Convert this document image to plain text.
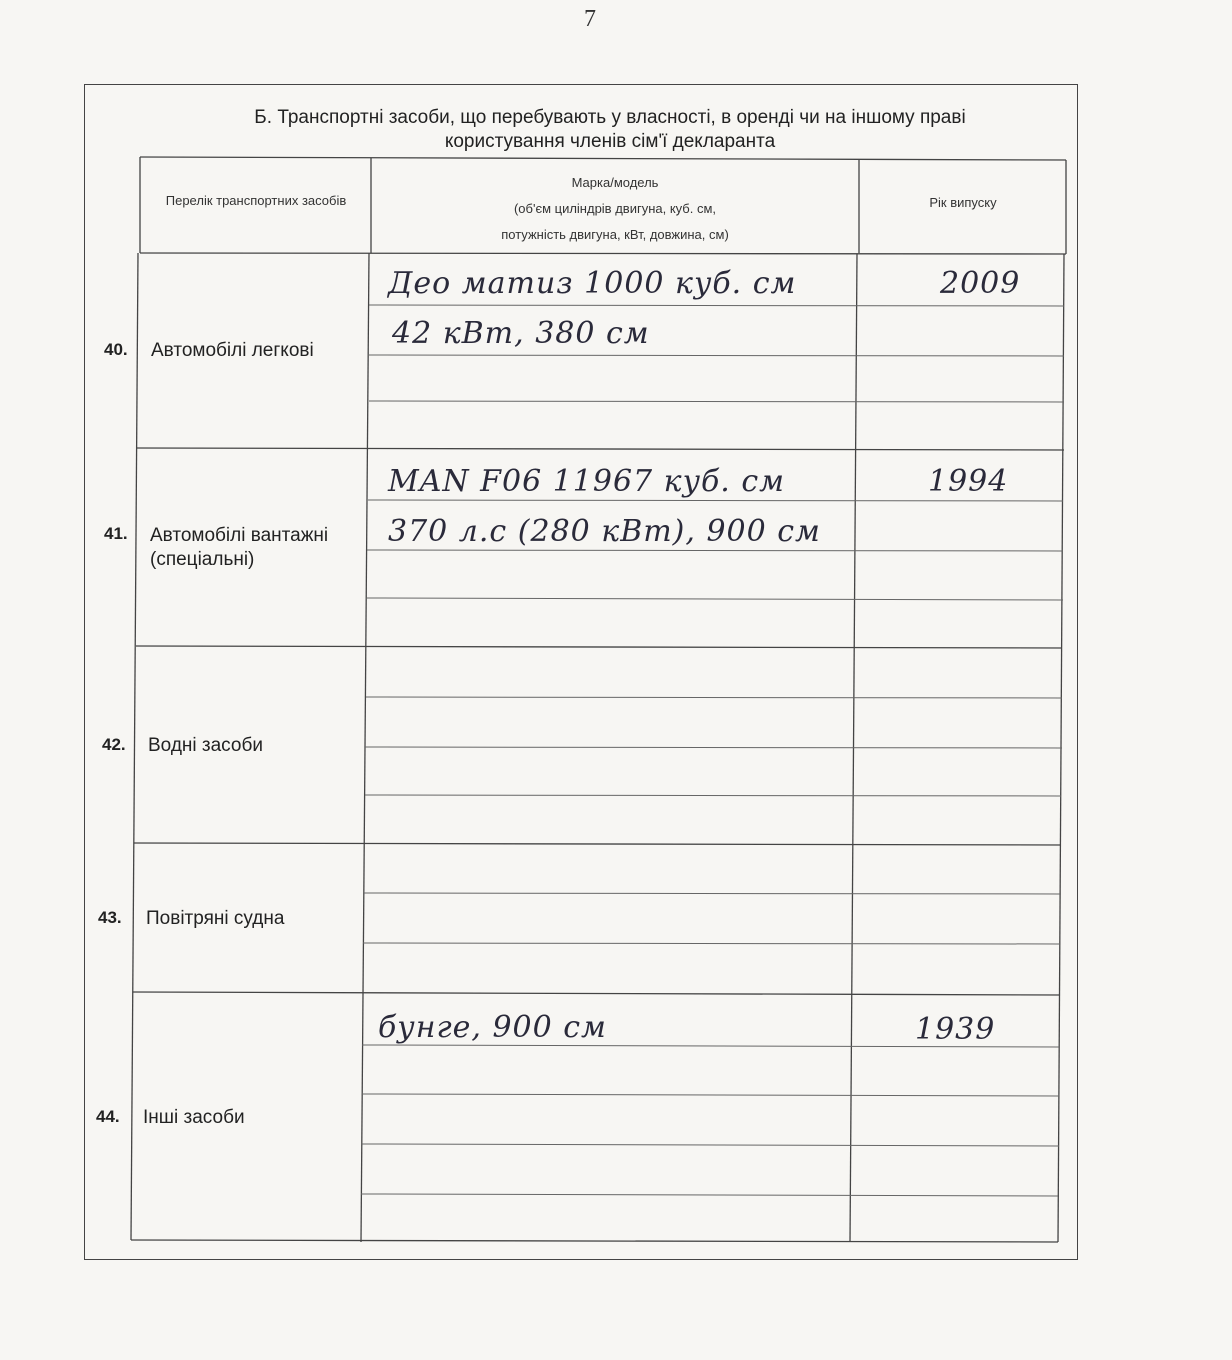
7
Б. Транспортні засоби, що перебувають у власності, в оренді чи на іншому праві
користування членів сім'ї декларанта
Перелік транспортних засобів
Марка/модель
(об'єм циліндрів двигуна, куб. см,
потужність двигуна, кВт, довжина, см)
Рік випуску
40. Автомобілі легкові
Део матиз 1000 куб. см
42 кВт, 380 см
2009
41. Автомобілі вантажні
(спеціальні)
MAN F06 11967 куб. см
370 л.с (280 кВт), 900 см
1994
42. Водні засоби
43. Повітряні судна
44. Інші засоби
бунге, 900 см	1939
